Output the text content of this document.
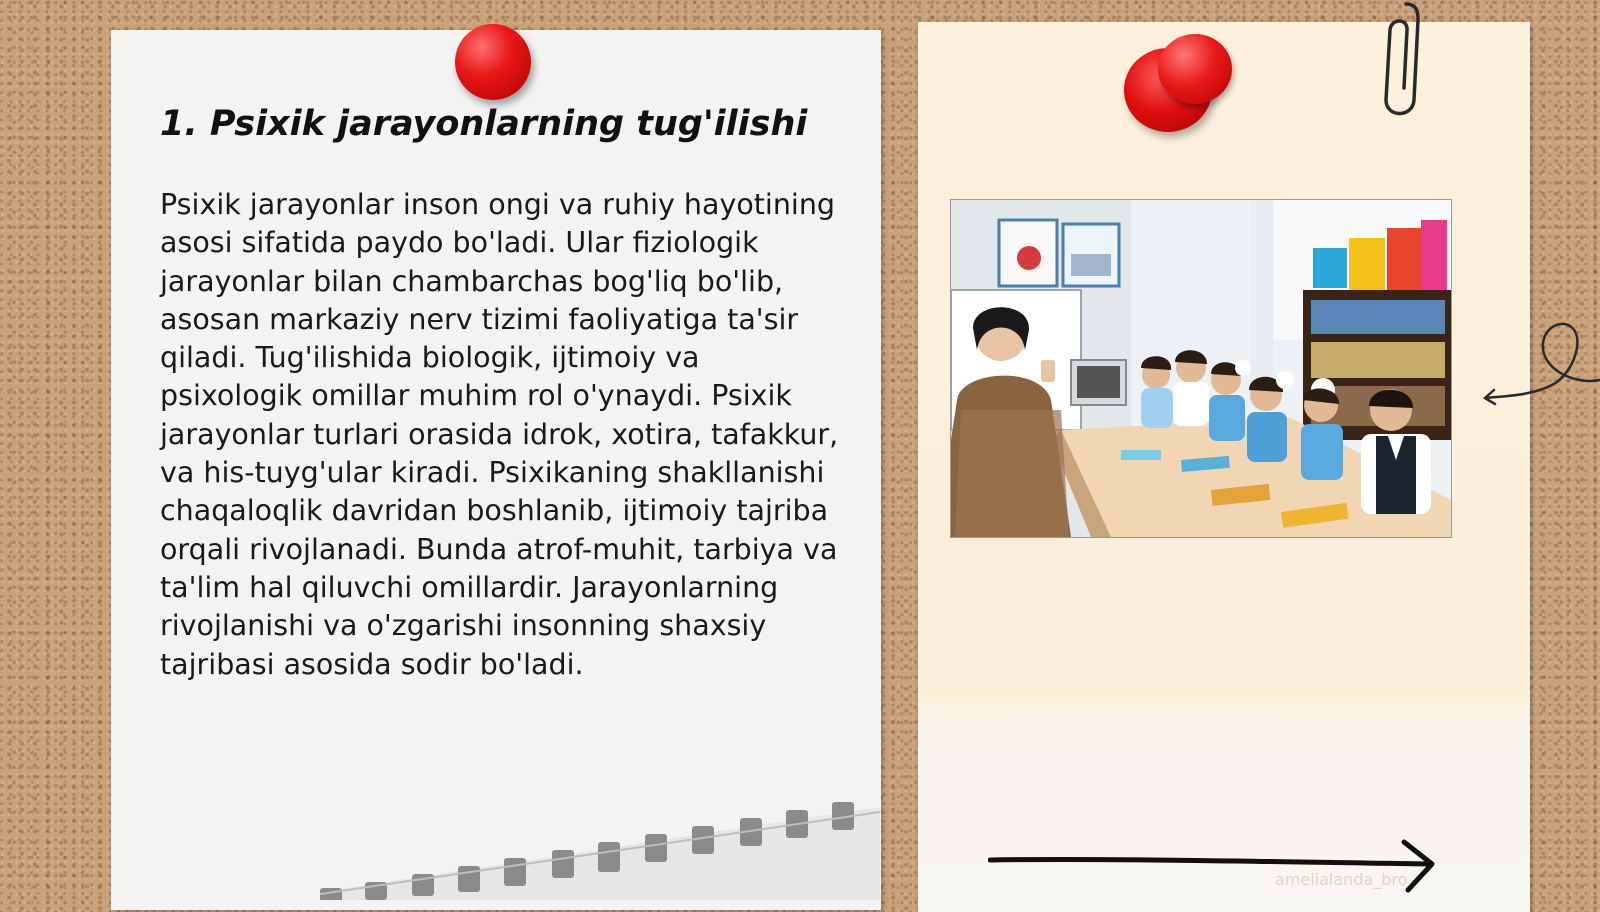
amelialanda_bro
1. Psixik jarayonlarning tug'ilishi

Psixik jarayonlar inson ongi va ruhiy hayotining asosi sifatida paydo bo'ladi. Ular fiziologik jarayonlar bilan chambarchas bog'liq bo'lib, asosan markaziy nerv tizimi faoliyatiga ta'sir qiladi. Tug'ilishida biologik, ijtimoiy va psixologik omillar muhim rol o'ynaydi. Psixik jarayonlar turlari orasida idrok, xotira, tafakkur, va his-tuyg'ular kiradi. Psixikaning shakllanishi chaqaloqlik davridan boshlanib, ijtimoiy tajriba orqali rivojlanadi. Bunda atrof-muhit, tarbiya va ta'lim hal qiluvchi omillardir. Jarayonlarning rivojlanishi va o'zgarishi insonning shaxsiy tajribasi asosida sodir bo'ladi.
